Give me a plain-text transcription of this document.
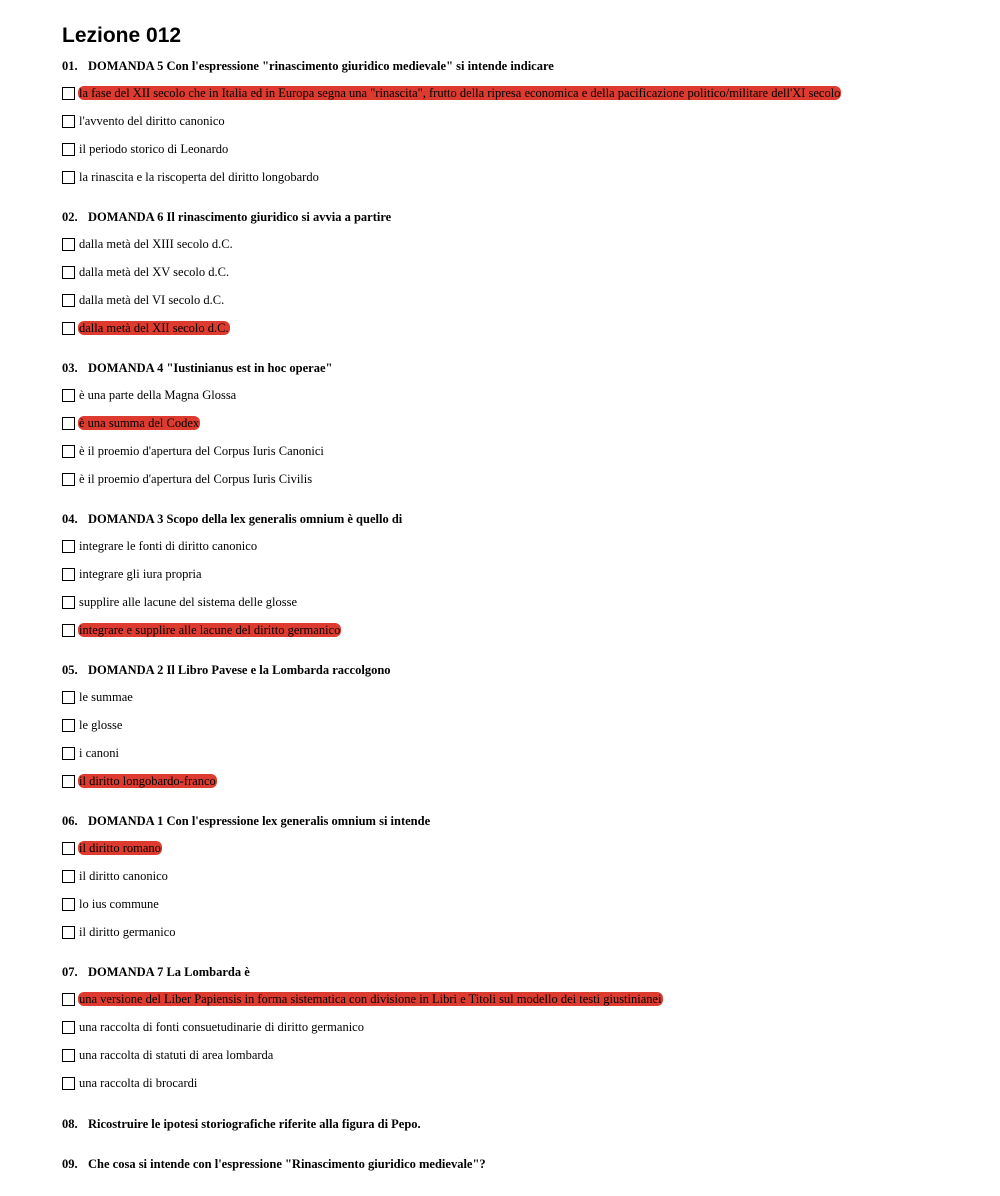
Lezione 012
01. DOMANDA 5 Con l'espressione "rinascimento giuridico medievale" si intende indicare
la fase del XII secolo che in Italia ed in Europa segna una "rinascita", frutto della ripresa economica e della pacificazione politico/militare dell'XI secolo
l'avvento del diritto canonico
il periodo storico di Leonardo
la rinascita e la riscoperta del diritto longobardo
02. DOMANDA 6 Il rinascimento giuridico si avvia a partire
dalla metà del XIII secolo d.C.
dalla metà del XV secolo d.C.
dalla metà del VI secolo d.C.
dalla metà del XII secolo d.C.
03. DOMANDA 4 "Iustinianus est in hoc operae"
è una parte della Magna Glossa
è una summa del Codex
è il proemio d'apertura del Corpus Iuris Canonici
è il proemio d'apertura del Corpus Iuris Civilis
04. DOMANDA 3 Scopo della lex generalis omnium è quello di
integrare le fonti di diritto canonico
integrare gli iura propria
supplire alle lacune del sistema delle glosse
integrare e supplire alle lacune del diritto germanico
05. DOMANDA 2 Il Libro Pavese e la Lombarda raccolgono
le summae
le glosse
i canoni
il diritto longobardo-franco
06. DOMANDA 1 Con l'espressione lex generalis omnium si intende
il diritto romano
il diritto canonico
lo ius commune
il diritto germanico
07. DOMANDA 7 La Lombarda è
una versione del Liber Papiensis in forma sistematica con divisione in Libri e Titoli sul modello dei testi giustinianei
una raccolta di fonti consuetudinarie di diritto germanico
una raccolta di statuti di area lombarda
una raccolta di brocardi
08. Ricostruire le ipotesi storiografiche riferite alla figura di Pepo.
09. Che cosa si intende con l'espressione "Rinascimento giuridico medievale"?
